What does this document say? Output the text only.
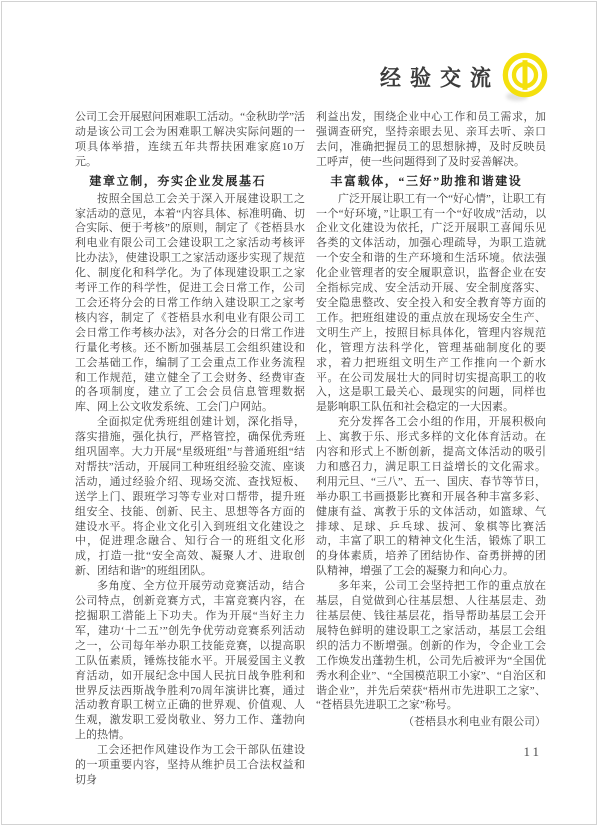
经验交流

公司工会开展慰问困难职工活动。“金秋助学”活动是该公司工会为困难职工解决实际问题的一项具体举措，连续五年共帮扶困难家庭10万元。

建章立制，夯实企业发展基石

按照全国总工会关于深入开展建设职工之家活动的意见，本着“内容具体、标准明确、切合实际、便于考核”的原则，制定了《苍梧县水利电业有限公司工会建设职工之家活动考核评比办法》，使建设职工之家活动逐步实现了规范化、制度化和科学化。为了体现建设职工之家考评工作的科学性，促进工会日常工作，公司工会还将分会的日常工作纳入建设职工之家考核内容，制定了《苍梧县水利电业有限公司工会日常工作考核办法》，对各分会的日常工作进行量化考核。还不断加强基层工会组织建设和工会基础工作，编制了工会重点工作业务流程和工作规范，建立健全了工会财务、经费审查的各项制度，建立了工会会员信息管理数据库、网上公文收发系统、工会门户网站。

全面拟定优秀班组创建计划，深化指导，落实措施，强化执行，严格管控，确保优秀班组巩固率。大力开展“星级班组”与普通班组“结对帮扶”活动，开展同工种班组经验交流、座谈活动，通过经验介绍、现场交流、查找短板、送学上门、跟班学习等专业对口帮带，提升班组安全、技能、创新、民主、思想等各方面的建设水平。将企业文化引入到班组文化建设之中，促进理念融合、知行合一的班组文化形成，打造一批“安全高效、凝聚人才、进取创新、团结和谐”的班组团队。

多角度、全方位开展劳动竞赛活动，结合公司特点，创新竞赛方式，丰富竞赛内容，在挖掘职工潜能上下功夫。作为开展“当好主力军，建功‘十二五’”创先争优劳动竞赛系列活动之一，公司每年举办职工技能竞赛，以提高职工队伍素质，锤炼技能水平。开展爱国主义教育活动，如开展纪念中国人民抗日战争胜利和世界反法西斯战争胜利70周年演讲比赛，通过活动教育职工树立正确的世界观、价值观、人生观，激发职工爱岗敬业、努力工作、蓬勃向上的热情。

工会还把作风建设作为工会干部队伍建设的一项重要内容，坚持从维护员工合法权益和切身

利益出发，围绕企业中心工作和员工需求，加强调查研究，坚持亲眼去见、亲耳去听、亲口去问，准确把握员工的思想脉搏，及时反映员工呼声，使一些问题得到了及时妥善解决。

丰富载体，“三好”助推和谐建设

广泛开展让职工有一个“好心情”，让职工有一个“好环境，”让职工有一个“好收成”活动，以企业文化建设为依托，广泛开展职工喜闻乐见各类的文体活动，加强心理疏导，为职工造就一个安全和谐的生产环境和生活环境。依法强化企业管理者的安全履职意识，监督企业在安全指标完成、安全活动开展、安全制度落实、安全隐患整改、安全投入和安全教育等方面的工作。把班组建设的重点放在现场安全生产、文明生产上，按照目标具体化，管理内容规范化，管理方法科学化，管理基础制度化的要求，着力把班组文明生产工作推向一个新水平。在公司发展壮大的同时切实提高职工的收入，这是职工最关心、最现实的问题，同样也是影响职工队伍和社会稳定的一大因素。

充分发挥各工会小组的作用，开展积极向上、寓教于乐、形式多样的文化体育活动。在内容和形式上不断创新，提高文体活动的吸引力和感召力，满足职工日益增长的文化需求。利用元旦、“三八”、五一、国庆、春节等节日，举办职工书画摄影比赛和开展各种丰富多彩、健康有益、寓教于乐的文体活动，如篮球、气排球、足球、乒乓球、拔河、象棋等比赛活动，丰富了职工的精神文化生活，锻炼了职工的身体素质，培养了团结协作、奋勇拼搏的团队精神，增强了工会的凝聚力和向心力。

多年来，公司工会坚持把工作的重点放在基层，自觉做到心往基层想、人往基层走、劲往基层使、钱往基层花，指导帮助基层工会开展特色鲜明的建设职工之家活动，基层工会组织的活力不断增强。创新的作为，令企业工会工作焕发出蓬勃生机，公司先后被评为“全国优秀水利企业”、“全国模范职工小家”、“自治区和谐企业”，并先后荣获“梧州市先进职工之家”、“苍梧县先进职工之家”称号。

（苍梧县水利电业有限公司）

11
